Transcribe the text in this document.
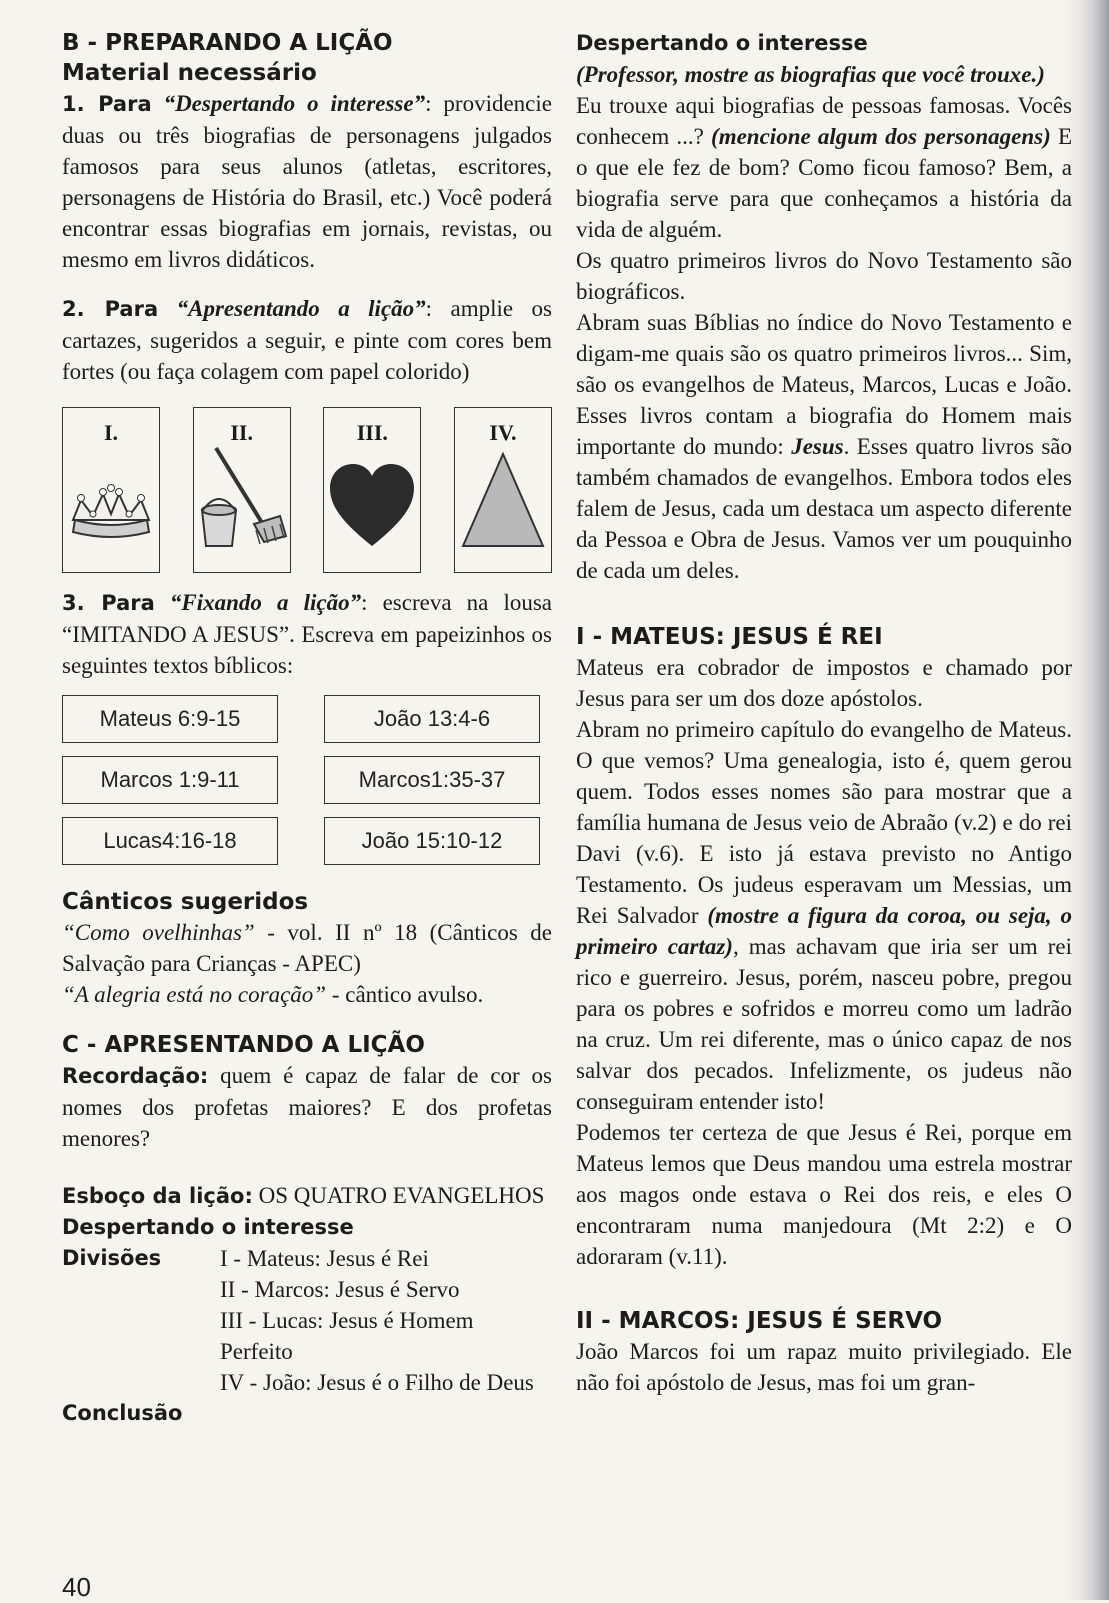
B - PREPARANDO A LIÇÃO

Material necessário

1. Para “Despertando o interesse”: providencie duas ou três biografias de personagens julgados famosos para seus alunos (atletas, escritores, personagens de História do Brasil, etc.) Você poderá encontrar essas biografias em jornais, revistas, ou mesmo em livros didáticos.

2. Para “Apresentando a lição”: amplie os cartazes, sugeridos a seguir, e pinte com cores bem fortes (ou faça colagem com papel colorido)

I.	II.	III.	IV.

3. Para “Fixando a lição”: escreva na lousa “IMITANDO A JESUS”. Escreva em papeizinhos os seguintes textos bíblicos:

Mateus 6:9-15	João 13:4-6
Marcos 1:9-11	Marcos1:35-37
Lucas4:16-18	João 15:10-12

Cânticos sugeridos

“Como ovelhinhas” - vol. II nº 18 (Cânticos de Salvação para Crianças - APEC)

“A alegria está no coração” - cântico avulso.

C - APRESENTANDO A LIÇÃO

Recordação: quem é capaz de falar de cor os nomes dos profetas maiores? E dos profetas menores?

Esboço da lição: OS QUATRO EVANGELHOS

Despertando o interesse

Divisões	I - Mateus: Jesus é Rei
II - Marcos: Jesus é Servo
III - Lucas: Jesus é Homem Perfeito
IV - João: Jesus é o Filho de Deus

Conclusão

40

Despertando o interesse

(Professor, mostre as biografias que você trouxe.)

Eu trouxe aqui biografias de pessoas famosas. Vocês conhecem ...? (mencione algum dos personagens) E o que ele fez de bom? Como ficou famoso? Bem, a biografia serve para que conheçamos a história da vida de alguém.

Os quatro primeiros livros do Novo Testamento são biográficos.

Abram suas Bíblias no índice do Novo Testamento e digam-me quais são os quatro primeiros livros... Sim, são os evangelhos de Mateus, Marcos, Lucas e João. Esses livros contam a biografia do Homem mais importante do mundo: Jesus. Esses quatro livros são também chamados de evangelhos. Embora todos eles falem de Jesus, cada um destaca um aspecto diferente da Pessoa e Obra de Jesus. Vamos ver um pouquinho de cada um deles.

I - MATEUS: JESUS É REI

Mateus era cobrador de impostos e chamado por Jesus para ser um dos doze apóstolos.

Abram no primeiro capítulo do evangelho de Mateus. O que vemos? Uma genealogia, isto é, quem gerou quem. Todos esses nomes são para mostrar que a família humana de Jesus veio de Abraão (v.2) e do rei Davi (v.6). E isto já estava previsto no Antigo Testamento. Os judeus esperavam um Messias, um Rei Salvador (mostre a figura da coroa, ou seja, o primeiro cartaz), mas achavam que iria ser um rei rico e guerreiro. Jesus, porém, nasceu pobre, pregou para os pobres e sofridos e morreu como um ladrão na cruz. Um rei diferente, mas o único capaz de nos salvar dos pecados. Infelizmente, os judeus não conseguiram entender isto!

Podemos ter certeza de que Jesus é Rei, porque em Mateus lemos que Deus mandou uma estrela mostrar aos magos onde estava o Rei dos reis, e eles O encontraram numa manjedoura (Mt 2:2) e O adoraram (v.11).

II - MARCOS: JESUS É SERVO

João Marcos foi um rapaz muito privilegiado. Ele não foi apóstolo de Jesus, mas foi um gran-
